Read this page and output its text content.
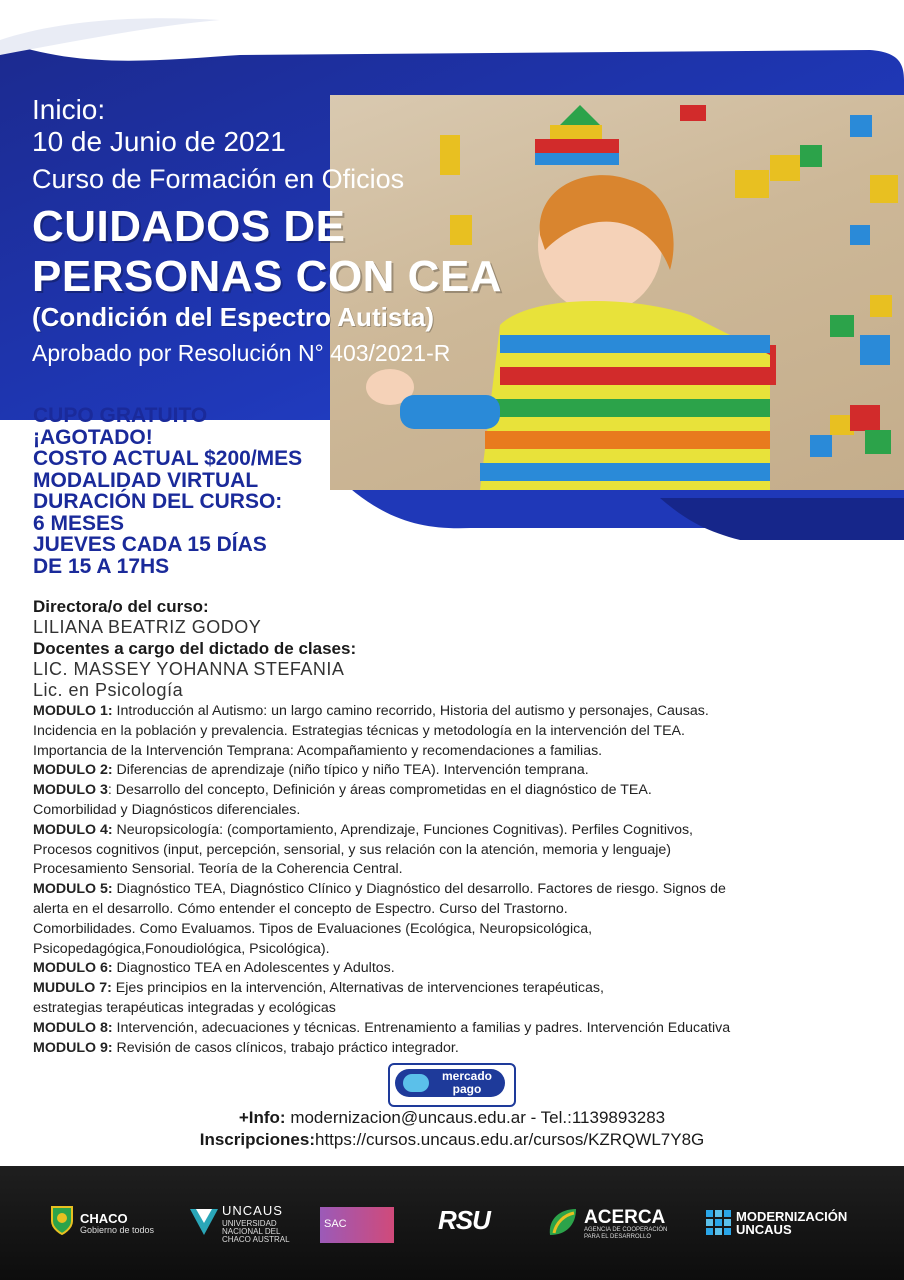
Inicio:
10 de Junio de 2021
Curso de Formación en Oficios
CUIDADOS DE
PERSONAS CON CEA
(Condición del Espectro Autista)
Aprobado por Resolución N° 403/2021-R
CUPO GRATUITO
¡AGOTADO!
COSTO ACTUAL $200/MES
MODALIDAD VIRTUAL
DURACIÓN DEL CURSO:
6 MESES
JUEVES CADA 15 DÍAS
DE 15 A 17HS
Directora/o del curso:
LILIANA BEATRIZ GODOY
Docentes a cargo del dictado de clases:
LIC. MASSEY YOHANNA STEFANIA
Lic. en Psicología

MODULO 1: Introducción al Autismo: un largo camino recorrido, Historia del autismo y personajes, Causas.

Incidencia en la población y prevalencia. Estrategias técnicas y metodología en la intervención del TEA.

Importancia de la Intervención Temprana: Acompañamiento y recomendaciones a familias.

MODULO 2: Diferencias de aprendizaje (niño típico y niño TEA). Intervención temprana.

MODULO 3: Desarrollo del concepto, Definición y áreas comprometidas en el diagnóstico de TEA.

Comorbilidad y Diagnósticos diferenciales.

MODULO 4: Neuropsicología: (comportamiento, Aprendizaje, Funciones Cognitivas). Perfiles Cognitivos,

Procesos cognitivos (input, percepción, sensorial, y sus relación con la atención, memoria y lenguaje)

Procesamiento Sensorial. Teoría de la Coherencia Central.

MODULO 5: Diagnóstico TEA, Diagnóstico Clínico y Diagnóstico del desarrollo. Factores de riesgo. Signos de

alerta en el desarrollo. Cómo entender el concepto de Espectro. Curso del Trastorno.

Comorbilidades. Como Evaluamos. Tipos de Evaluaciones (Ecológica, Neuropsicológica,

Psicopedagógica,Fonoudiológica, Psicológica).

MODULO 6: Diagnostico TEA en Adolescentes y Adultos.

MUDULO 7: Ejes principios en la intervención, Alternativas de intervenciones terapéuticas,

estrategias terapéuticas integradas y ecológicas

MODULO 8: Intervención, adecuaciones y técnicas. Entrenamiento a familias y padres. Intervención Educativa

MODULO 9: Revisión de casos clínicos, trabajo práctico integrador.

mercado
pago
+Info: modernizacion@uncaus.edu.ar - Tel.:1139893283
Inscripciones:https://cursos.uncaus.edu.ar/cursos/KZRQWL7Y8G
CHACO
Gobierno de todos
UNCAUS
UNIVERSIDAD
NACIONAL DEL
CHACO AUSTRAL
SAC	RSU	ACERCA
AGENCIA DE COOPERACIÓN
PARA EL DESARROLLO
MODERNIZACIÓN
UNCAUS
